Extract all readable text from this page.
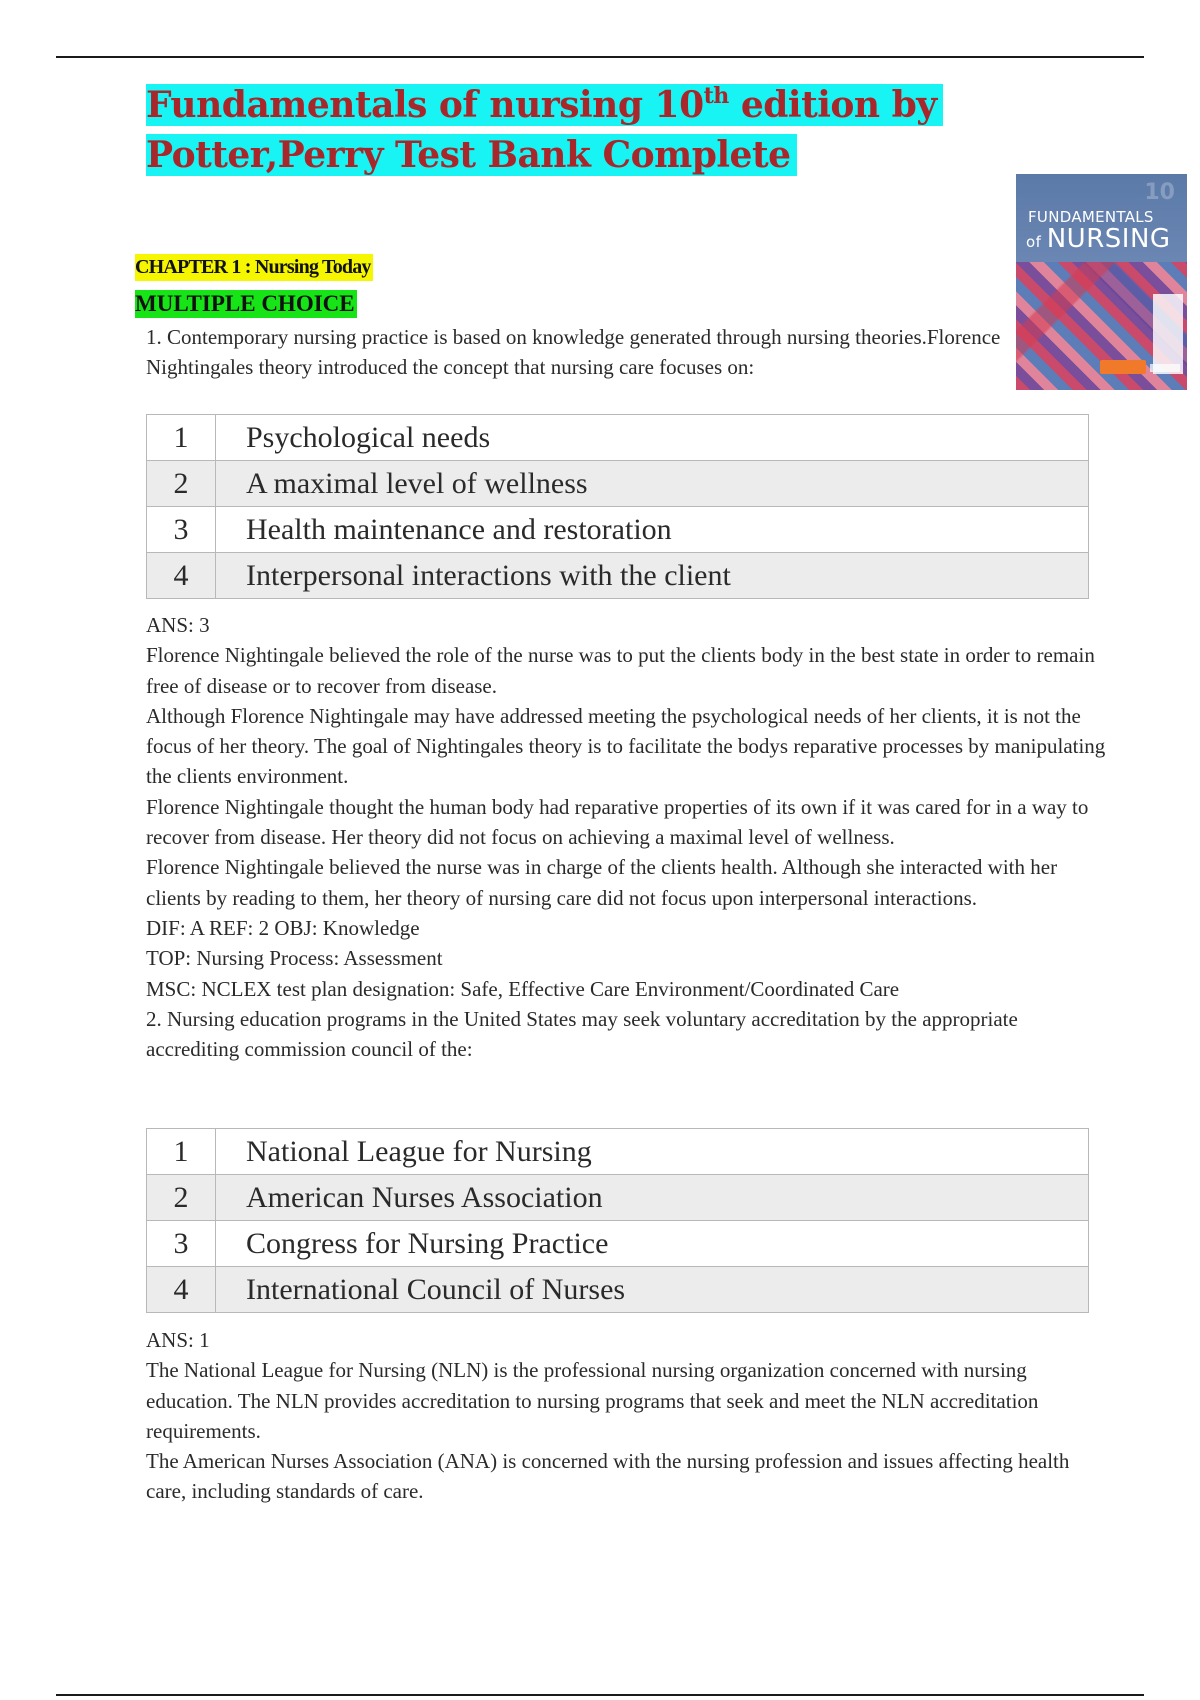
Fundamentals of nursing 10th edition by
Potter,Perry Test Bank Complete
10
FUNDAMENTALS
of NURSING
CHAPTER 1 : Nursing Today
MULTIPLE CHOICE

1. Contemporary nursing practice is based on knowledge generated through nursing theories.Florence Nightingales theory introduced the concept that nursing care focuses on:

1	Psychological needs
2	A maximal level of wellness
3	Health maintenance and restoration
4	Interpersonal interactions with the client
ANS: 3
Florence Nightingale believed the role of the nurse was to put the clients body in the best state in order to remain free of disease or to recover from disease.
Although Florence Nightingale may have addressed meeting the psychological needs of her clients, it is not the focus of her theory. The goal of Nightingales theory is to facilitate the bodys reparative processes by manipulating the clients environment.
Florence Nightingale thought the human body had reparative properties of its own if it was cared for in a way to recover from disease. Her theory did not focus on achieving a maximal level of wellness.
Florence Nightingale believed the nurse was in charge of the clients health. Although she interacted with her clients by reading to them, her theory of nursing care did not focus upon interpersonal interactions.
DIF: A REF: 2 OBJ: Knowledge
TOP: Nursing Process: Assessment
MSC: NCLEX test plan designation: Safe, Effective Care Environment/Coordinated Care
2. Nursing education programs in the United States may seek voluntary accreditation by the appropriate accrediting commission council of the:
1	National League for Nursing
2	American Nurses Association
3	Congress for Nursing Practice
4	International Council of Nurses
ANS: 1
The National League for Nursing (NLN) is the professional nursing organization concerned with nursing education. The NLN provides accreditation to nursing programs that seek and meet the NLN accreditation requirements.
The American Nurses Association (ANA) is concerned with the nursing profession and issues affecting health care, including standards of care.
